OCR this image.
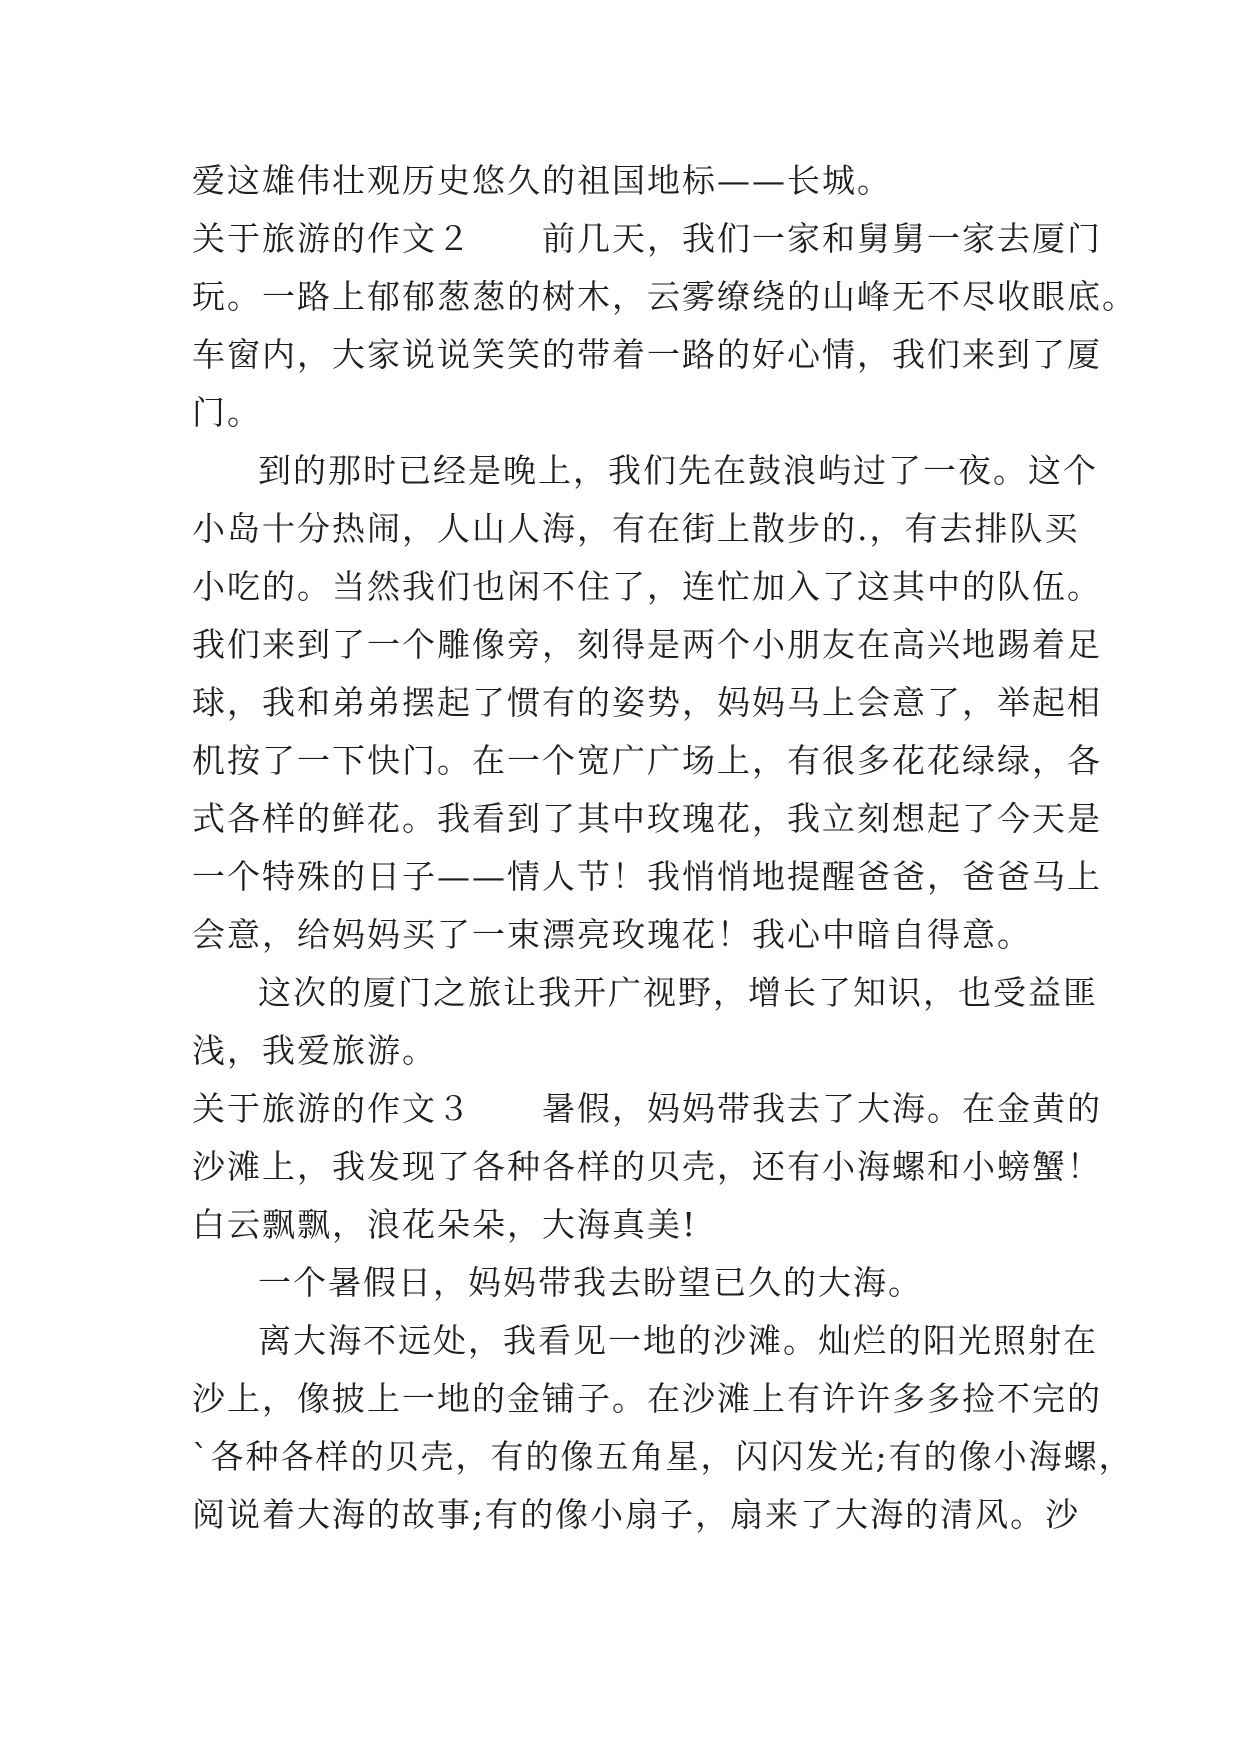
爱这雄伟壮观历史悠久的祖国地标——长城。
关于旅游的作文２　　前几天，我们一家和舅舅一家去厦门
玩。一路上郁郁葱葱的树木，云雾缭绕的山峰无不尽收眼底。
车窗内，大家说说笑笑的带着一路的好心情，我们来到了厦
门。
到的那时已经是晚上，我们先在鼓浪屿过了一夜。这个
小岛十分热闹，人山人海，有在街上散步的.，有去排队买
小吃的。当然我们也闲不住了，连忙加入了这其中的队伍。
我们来到了一个雕像旁，刻得是两个小朋友在高兴地踢着足
球，我和弟弟摆起了惯有的姿势，妈妈马上会意了，举起相
机按了一下快门。在一个宽广广场上，有很多花花绿绿，各
式各样的鲜花。我看到了其中玫瑰花，我立刻想起了今天是
一个特殊的日子——情人节！我悄悄地提醒爸爸，爸爸马上
会意，给妈妈买了一束漂亮玫瑰花！我心中暗自得意。
这次的厦门之旅让我开广视野，增长了知识，也受益匪
浅，我爱旅游。
关于旅游的作文３　　暑假，妈妈带我去了大海。在金黄的
沙滩上，我发现了各种各样的贝壳，还有小海螺和小螃蟹！
白云飘飘，浪花朵朵，大海真美!
一个暑假日，妈妈带我去盼望已久的大海。
离大海不远处，我看见一地的沙滩。灿烂的阳光照射在
沙上，像披上一地的金铺子。在沙滩上有许许多多捡不完的
`各种各样的贝壳，有的像五角星，闪闪发光;有的像小海螺，
阅说着大海的故事;有的像小扇子，扇来了大海的清风。沙
